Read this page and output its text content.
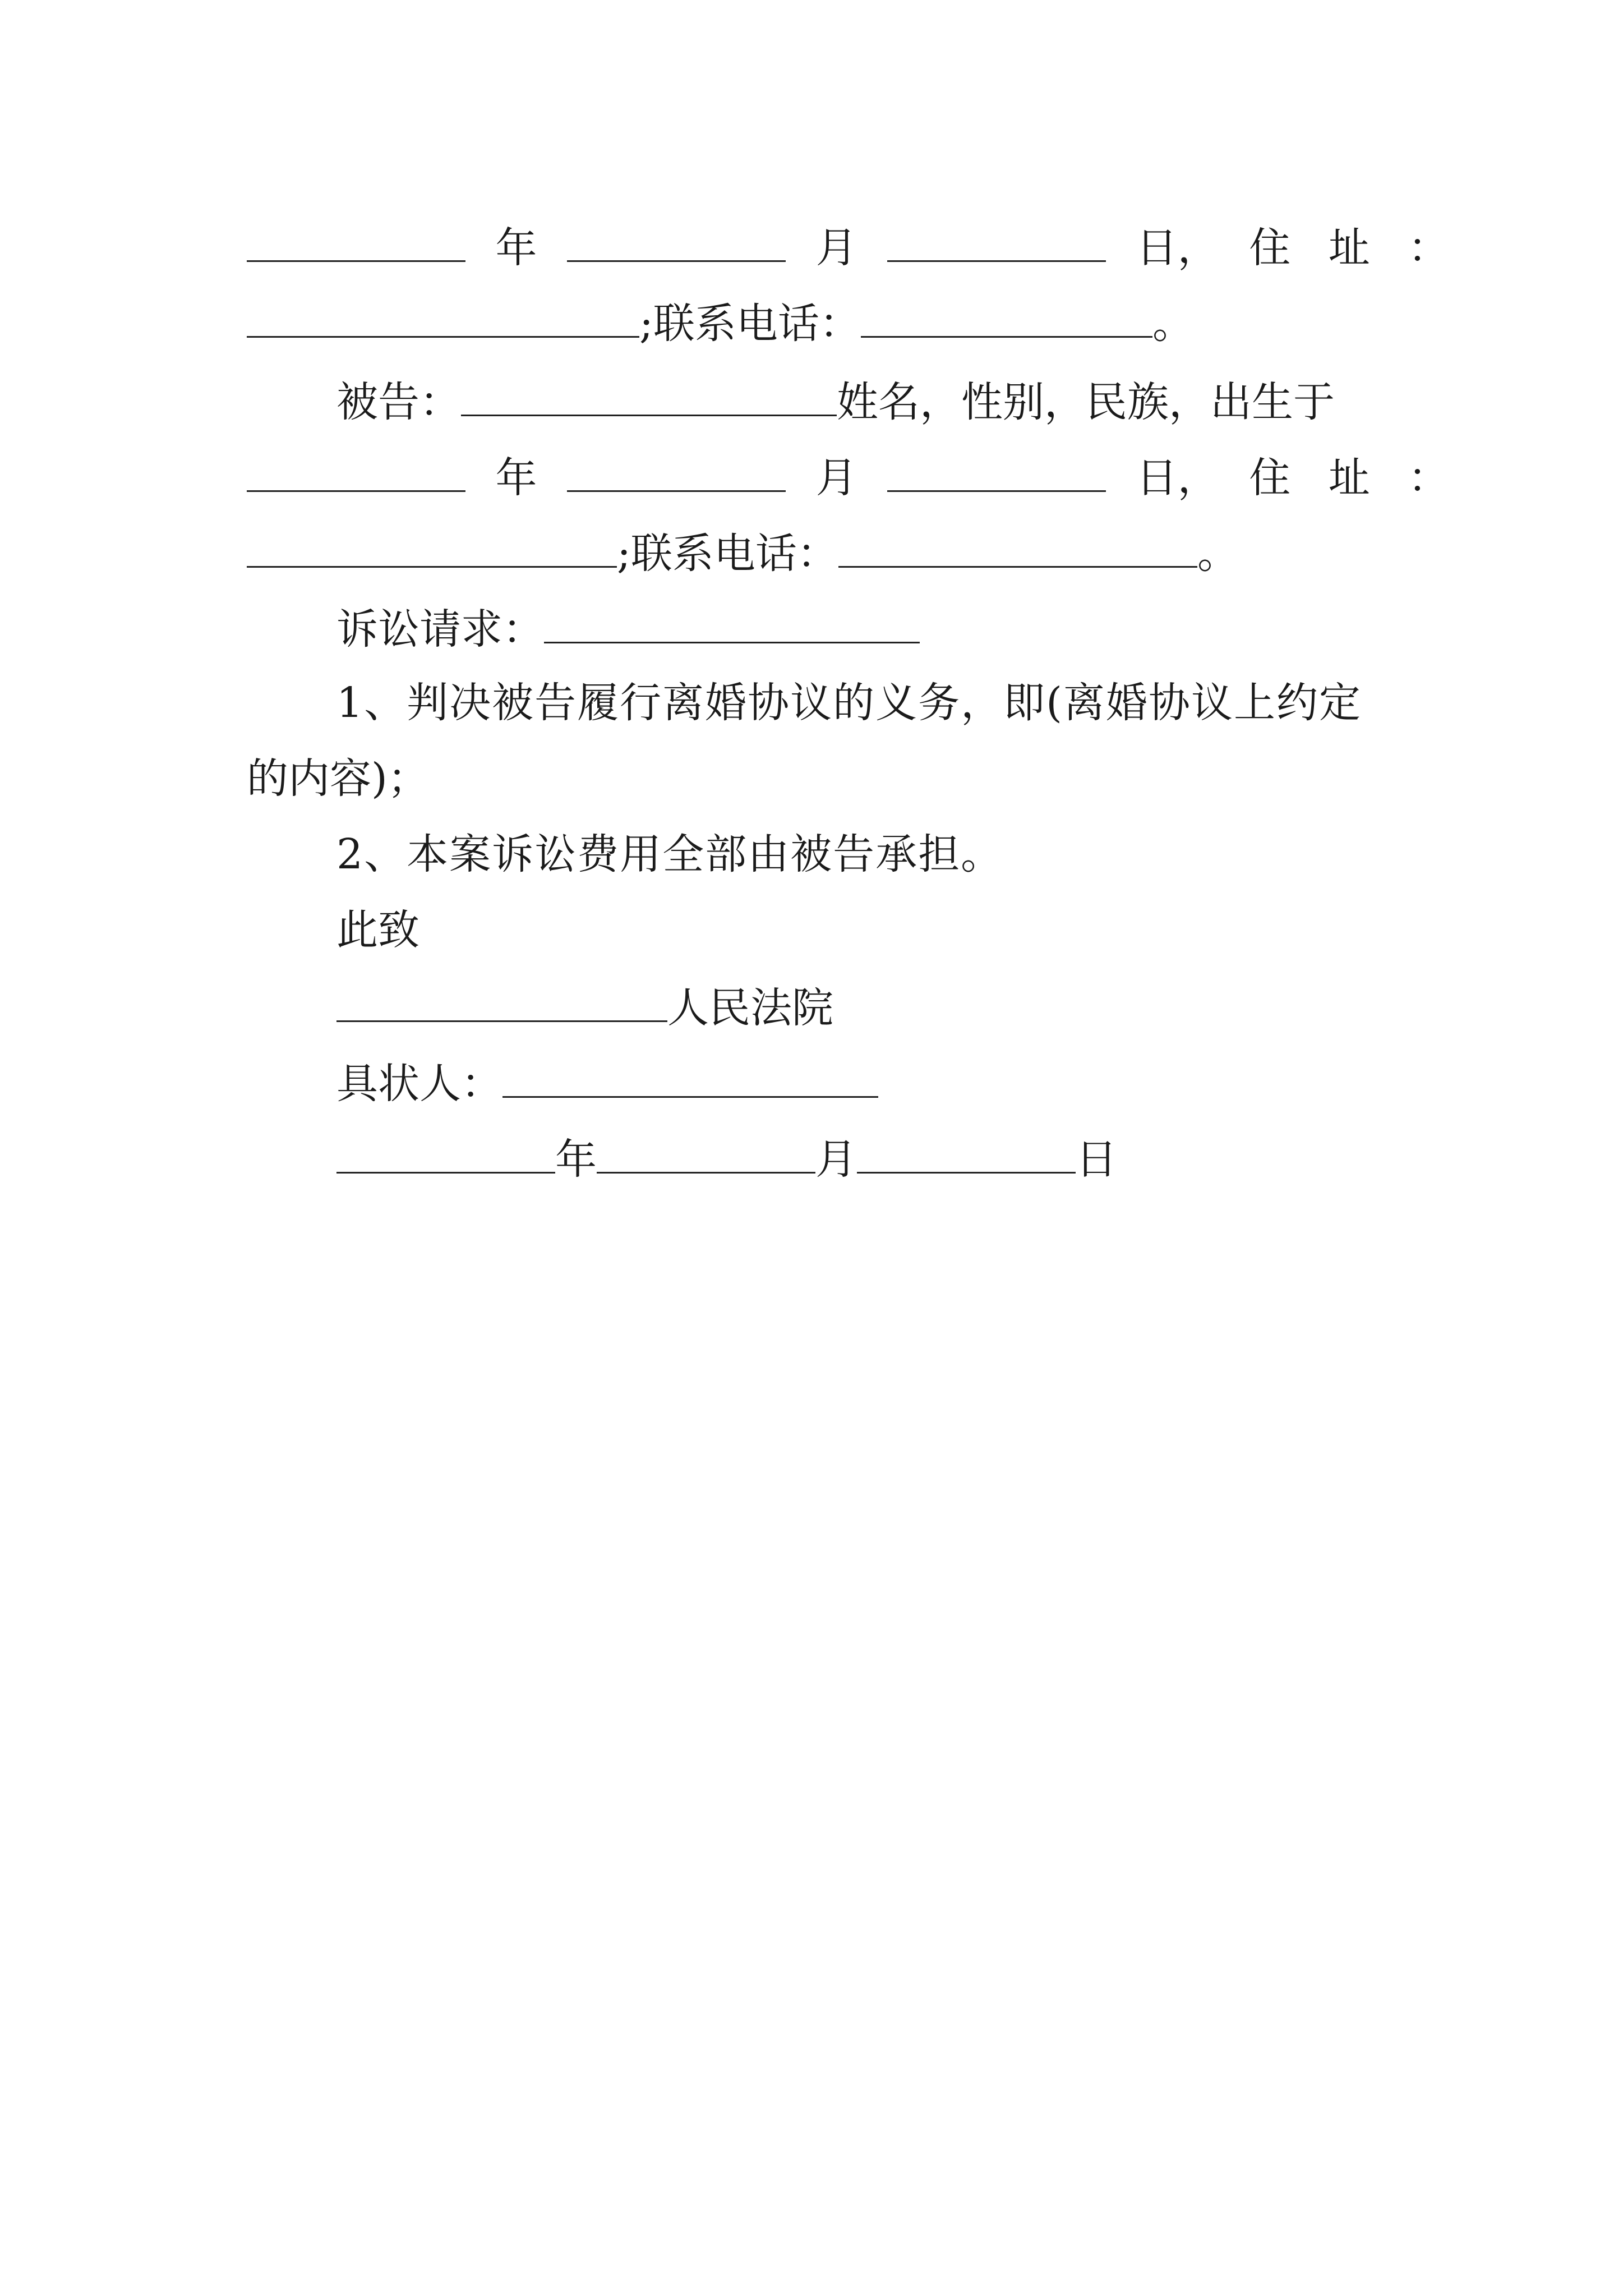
年	月	日， 住 址 ：
;联系电话：	。
被告：	姓名，性别，民族，出生于
年	月	日， 住 址 ：
;联系电话：	。
诉讼请求：
1、判决被告履行离婚协议的义务，即(离婚协议上约定
的内容)；
2、本案诉讼费用全部由被告承担。
此致
人民法院
具状人：
年	月	日
